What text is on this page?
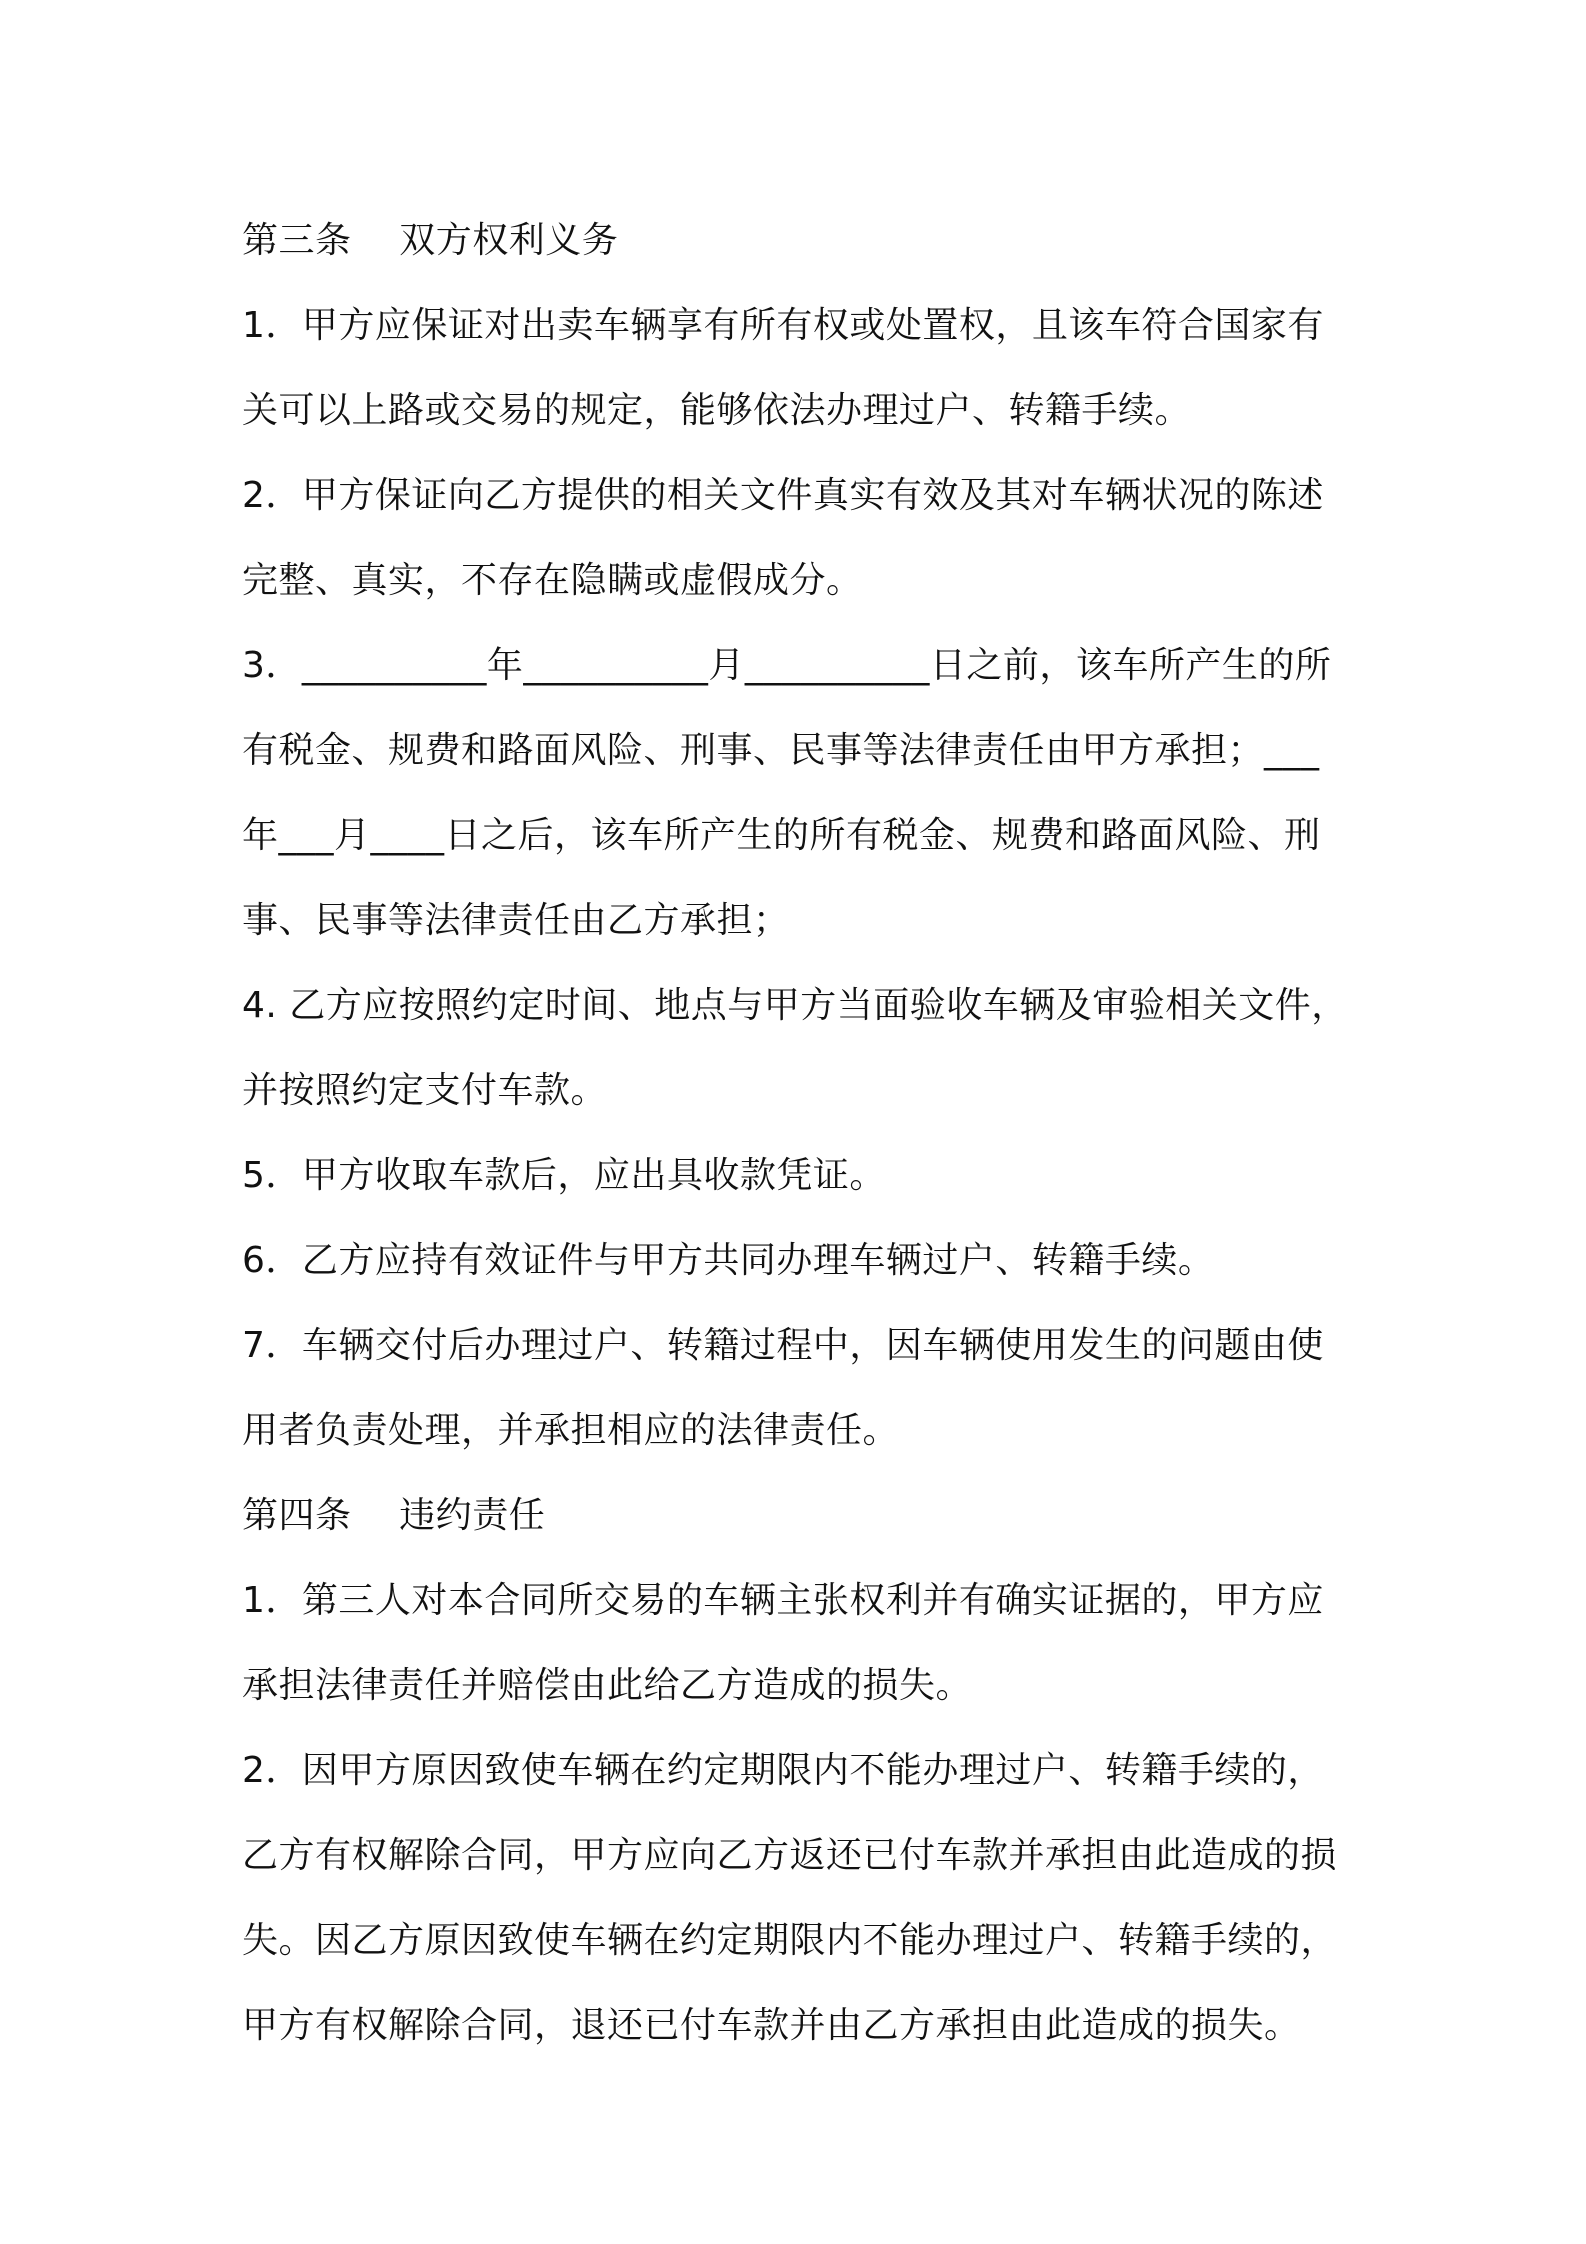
第三条    双方权利义务
1．甲方应保证对出卖车辆享有所有权或处置权，且该车符合国家有
关可以上路或交易的规定，能够依法办理过户、转籍手续。
2．甲方保证向乙方提供的相关文件真实有效及其对车辆状况的陈述
完整、真实，不存在隐瞒或虚假成分。
3．__________年__________月__________日之前，该车所产生的所
有税金、规费和路面风险、刑事、民事等法律责任由甲方承担；___
年___月____日之后，该车所产生的所有税金、规费和路面风险、刑
事、民事等法律责任由乙方承担；
4. 乙方应按照约定时间、地点与甲方当面验收车辆及审验相关文件，
并按照约定支付车款。
5．甲方收取车款后，应出具收款凭证。
6．乙方应持有效证件与甲方共同办理车辆过户、转籍手续。
7．车辆交付后办理过户、转籍过程中，因车辆使用发生的问题由使
用者负责处理，并承担相应的法律责任。
第四条    违约责任
1．第三人对本合同所交易的车辆主张权利并有确实证据的，甲方应
承担法律责任并赔偿由此给乙方造成的损失。
2．因甲方原因致使车辆在约定期限内不能办理过户、转籍手续的，
乙方有权解除合同，甲方应向乙方返还已付车款并承担由此造成的损
失。因乙方原因致使车辆在约定期限内不能办理过户、转籍手续的，
甲方有权解除合同，退还已付车款并由乙方承担由此造成的损失。
